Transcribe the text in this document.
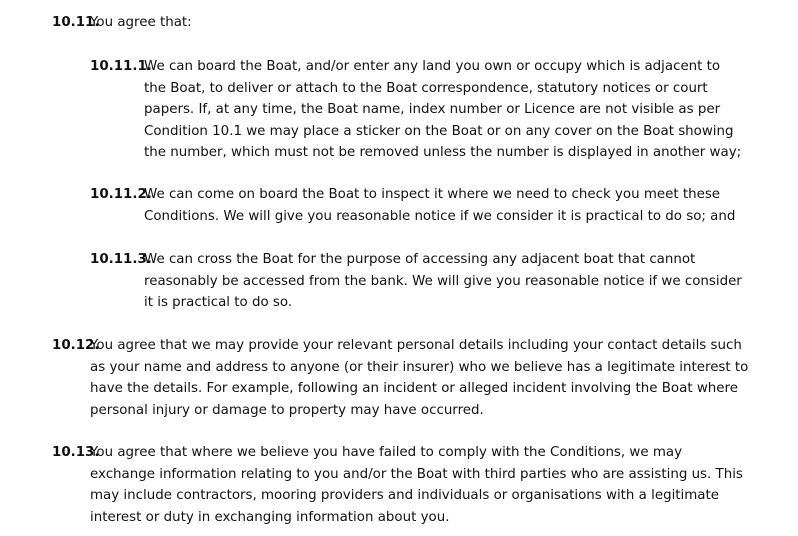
10.11.
You agree that:
10.11.1.
We can board the Boat, and/or enter any land you own or occupy which is adjacent to
the Boat, to deliver or attach to the Boat correspondence, statutory notices or court
papers. If, at any time, the Boat name, index number or Licence are not visible as per
Condition 10.1 we may place a sticker on the Boat or on any cover on the Boat showing
the number, which must not be removed unless the number is displayed in another way;
10.11.2.
We can come on board the Boat to inspect it where we need to check you meet these
Conditions. We will give you reasonable notice if we consider it is practical to do so; and
10.11.3.
We can cross the Boat for the purpose of accessing any adjacent boat that cannot
reasonably be accessed from the bank. We will give you reasonable notice if we consider
it is practical to do so.
10.12.
You agree that we may provide your relevant personal details including your contact details such
as your name and address to anyone (or their insurer) who we believe has a legitimate interest to
have the details. For example, following an incident or alleged incident involving the Boat where
personal injury or damage to property may have occurred.
10.13.
You agree that where we believe you have failed to comply with the Conditions, we may
exchange information relating to you and/or the Boat with third parties who are assisting us. This
may include contractors, mooring providers and individuals or organisations with a legitimate
interest or duty in exchanging information about you.
